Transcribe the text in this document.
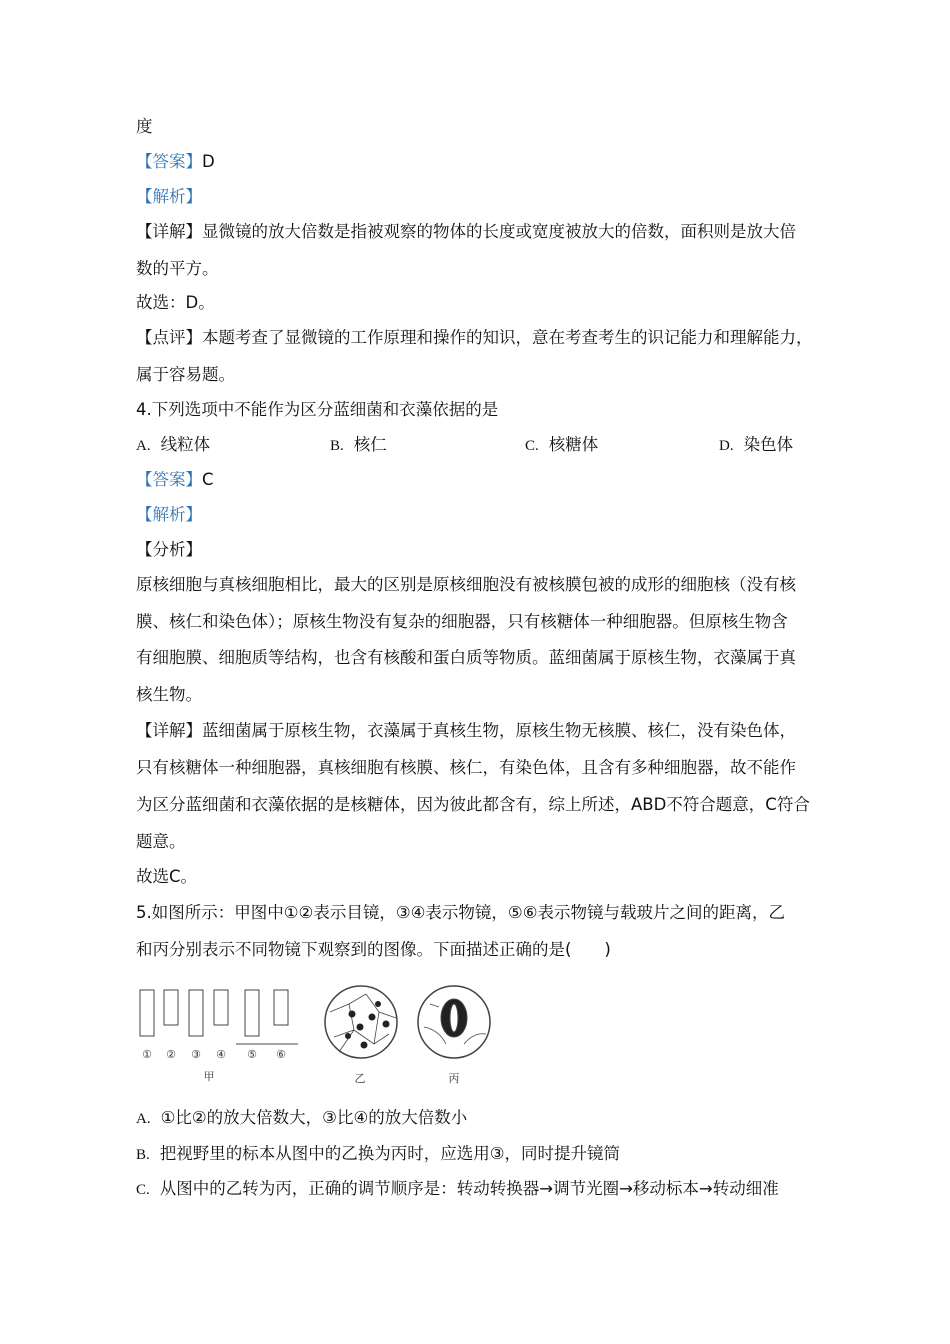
度
【答案】D
【解析】
【详解】显微镜的放大倍数是指被观察的物体的长度或宽度被放大的倍数，面积则是放大倍
数的平方。
故选：D。
【点评】本题考查了显微镜的工作原理和操作的知识，意在考查考生的识记能力和理解能力，
属于容易题。
4.下列选项中不能作为区分蓝细菌和衣藻依据的是
A. 线粒体	B. 核仁	C. 核糖体	D. 染色体
【答案】C
【解析】
【分析】
原核细胞与真核细胞相比，最大的区别是原核细胞没有被核膜包被的成形的细胞核（没有核
膜、核仁和染色体）；原核生物没有复杂的细胞器，只有核糖体一种细胞器。但原核生物含
有细胞膜、细胞质等结构，也含有核酸和蛋白质等物质。蓝细菌属于原核生物，衣藻属于真
核生物。
【详解】蓝细菌属于原核生物，衣藻属于真核生物，原核生物无核膜、核仁，没有染色体，
只有核糖体一种细胞器，真核细胞有核膜、核仁，有染色体，且含有多种细胞器，故不能作
为区分蓝细菌和衣藻依据的是核糖体，因为彼此都含有，综上所述，ABD不符合题意，C符合
题意。
故选C。
5.如图所示：甲图中①②表示目镜，③④表示物镜，⑤⑥表示物镜与载玻片之间的距离，乙
和丙分别表示不同物镜下观察到的图像。下面描述正确的是(　　)
① ② ③ ④ ⑤ ⑥
甲	乙	丙
A. ①比②的放大倍数大，③比④的放大倍数小
B. 把视野里的标本从图中的乙换为丙时，应选用③，同时提升镜筒
C. 从图中的乙转为丙，正确的调节顺序是：转动转换器→调节光圈→移动标本→转动细准
